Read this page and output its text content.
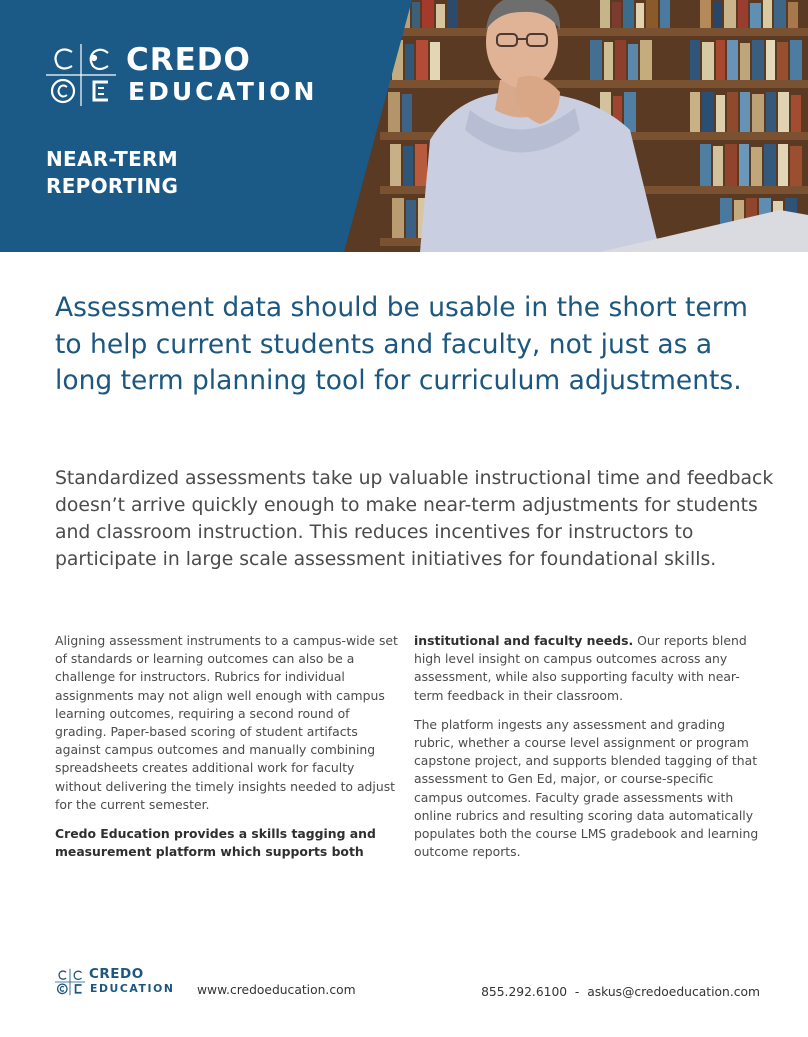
CREDO
EDUCATION
NEAR-TERM
REPORTING
Assessment data should be usable in the short term to help current students and faculty, not just as a long term planning tool for curriculum adjustments.
Standardized assessments take up valuable instructional time and feedback doesn’t arrive quickly enough to make near-term adjustments for students and classroom instruction. This reduces incentives for instructors to participate in large scale assessment initiatives for foundational skills.

Aligning assessment instruments to a campus-wide set of standards or learning outcomes can also be a challenge for instructors. Rubrics for individual assignments may not align well enough with campus learning outcomes, requiring a second round of grading. Paper-based scoring of student artifacts against campus outcomes and manually combining spreadsheets creates additional work for faculty without delivering the timely insights needed to adjust for the current semester.

Credo Education provides a skills tagging and measurement platform which supports both

institutional and faculty needs. Our reports blend high level insight on campus outcomes across any assessment, while also supporting faculty with near-term feedback in their classroom.

The platform ingests any assessment and grading rubric, whether a course level assignment or program capstone project, and supports blended tagging of that assessment to Gen Ed, major, or course-specific campus outcomes. Faculty grade assessments with online rubrics and resulting scoring data automatically populates both the course LMS gradebook and learning outcome reports.

CREDO
EDUCATION www.credoeducation.com	855.292.6100  -  askus@credoeducation.com
